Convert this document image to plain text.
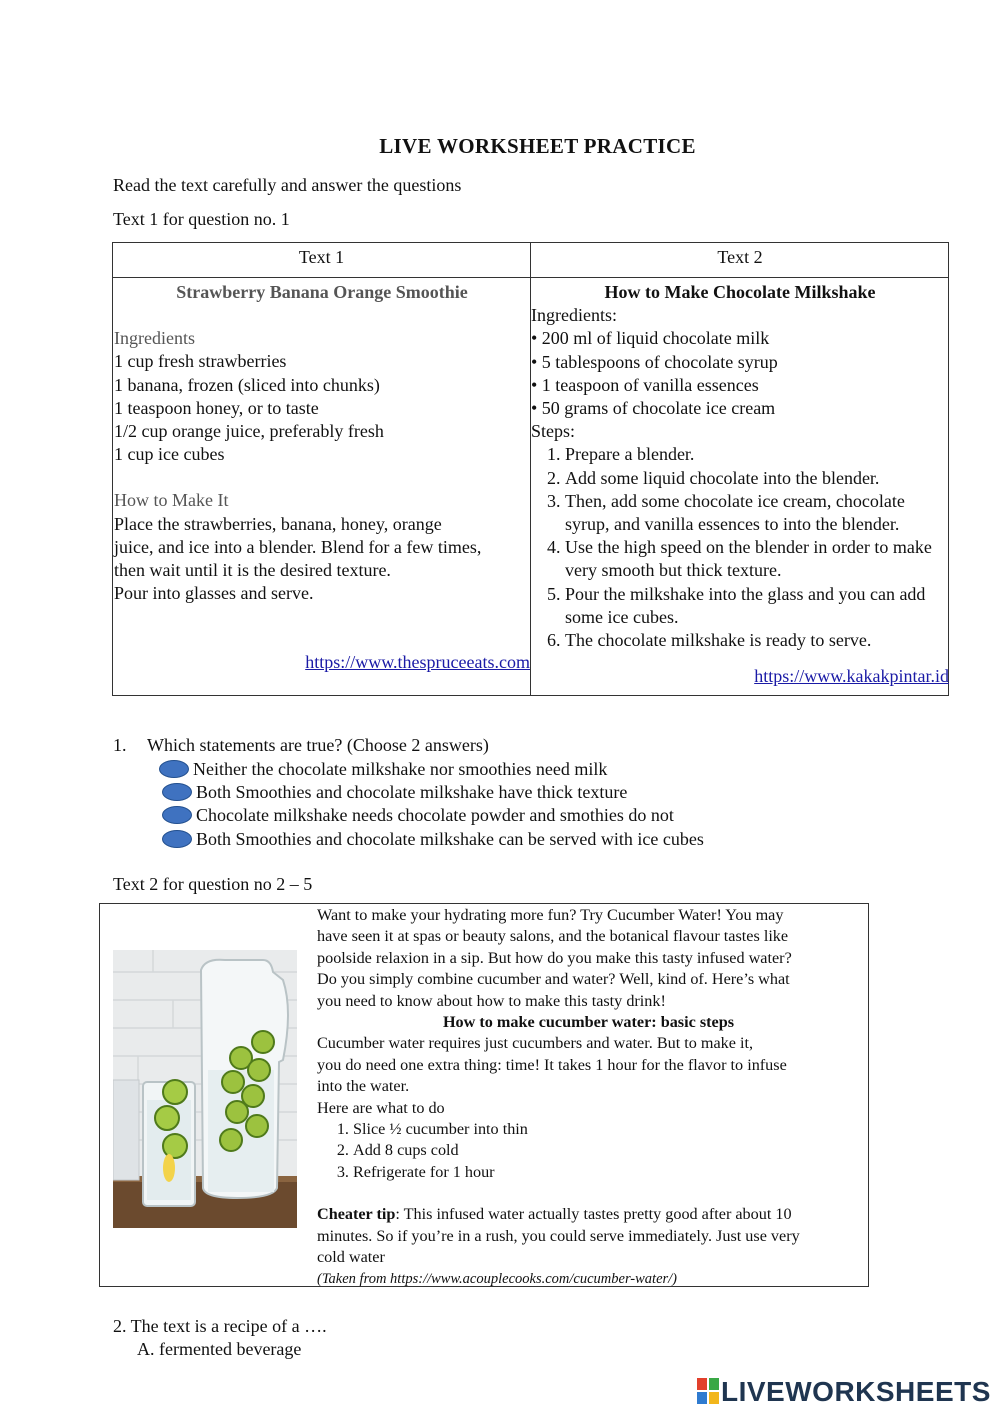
LIVE WORKSHEET PRACTICE
Read the text carefully and answer the questions
Text 1 for question no. 1
Text 1	Text 2
Strawberry Banana Orange Smoothie
Ingredients
1 cup fresh strawberries
1 banana, frozen (sliced into chunks)
1 teaspoon honey, or to taste
1/2 cup orange juice, preferably fresh
1 cup ice cubes
How to Make It
Place the strawberries, banana, honey, orange
juice, and ice into a blender. Blend for a few times,
then wait until it is the desired texture.
Pour into glasses and serve.
https://www.thespruceeats.com
How to Make Chocolate Milkshake
Ingredients:
• 200 ml of liquid chocolate milk
• 5 tablespoons of chocolate syrup
• 1 teaspoon of vanilla essences
• 50 grams of chocolate ice cream
Steps:
1. Prepare a blender.
2. Add some liquid chocolate into the blender.
3. Then, add some chocolate ice cream, chocolate syrup, and vanilla essences to into the blender.
4. Use the high speed on the blender in order to make very smooth but thick texture.
5. Pour the milkshake into the glass and you can add some ice cubes.
6. The chocolate milkshake is ready to serve.
https://www.kakakpintar.id
1. Which statements are true? (Choose 2 answers)
Neither the chocolate milkshake nor smoothies need milk
Both Smoothies and chocolate milkshake have thick texture
Chocolate milkshake needs chocolate powder and smothies do not
Both Smoothies and chocolate milkshake can be served with ice cubes
Text 2 for question no 2 – 5
Want to make your hydrating more fun? Try Cucumber Water! You may
have seen it at spas or beauty salons, and the botanical flavour tastes like
poolside relaxion in a sip. But how do you make this tasty infused water?
Do you simply combine cucumber and water? Well, kind of. Here’s what
you need to know about how to make this tasty drink!
How to make cucumber water: basic steps
Cucumber water requires just cucumbers and water. But to make it,
you do need one extra thing: time! It takes 1 hour for the flavor to infuse
into the water.
Here are what to do
1. Slice ½ cucumber into thin
2. Add 8 cups cold
3. Refrigerate for 1 hour
Cheater tip: This infused water actually tastes pretty good after about 10
minutes. So if you’re in a rush, you could serve immediately. Just use very
cold water
(Taken from https://www.acouplecooks.com/cucumber-water/)
2. The text is a recipe of a ….
A. fermented beverage
LIVEWORKSHEETS
